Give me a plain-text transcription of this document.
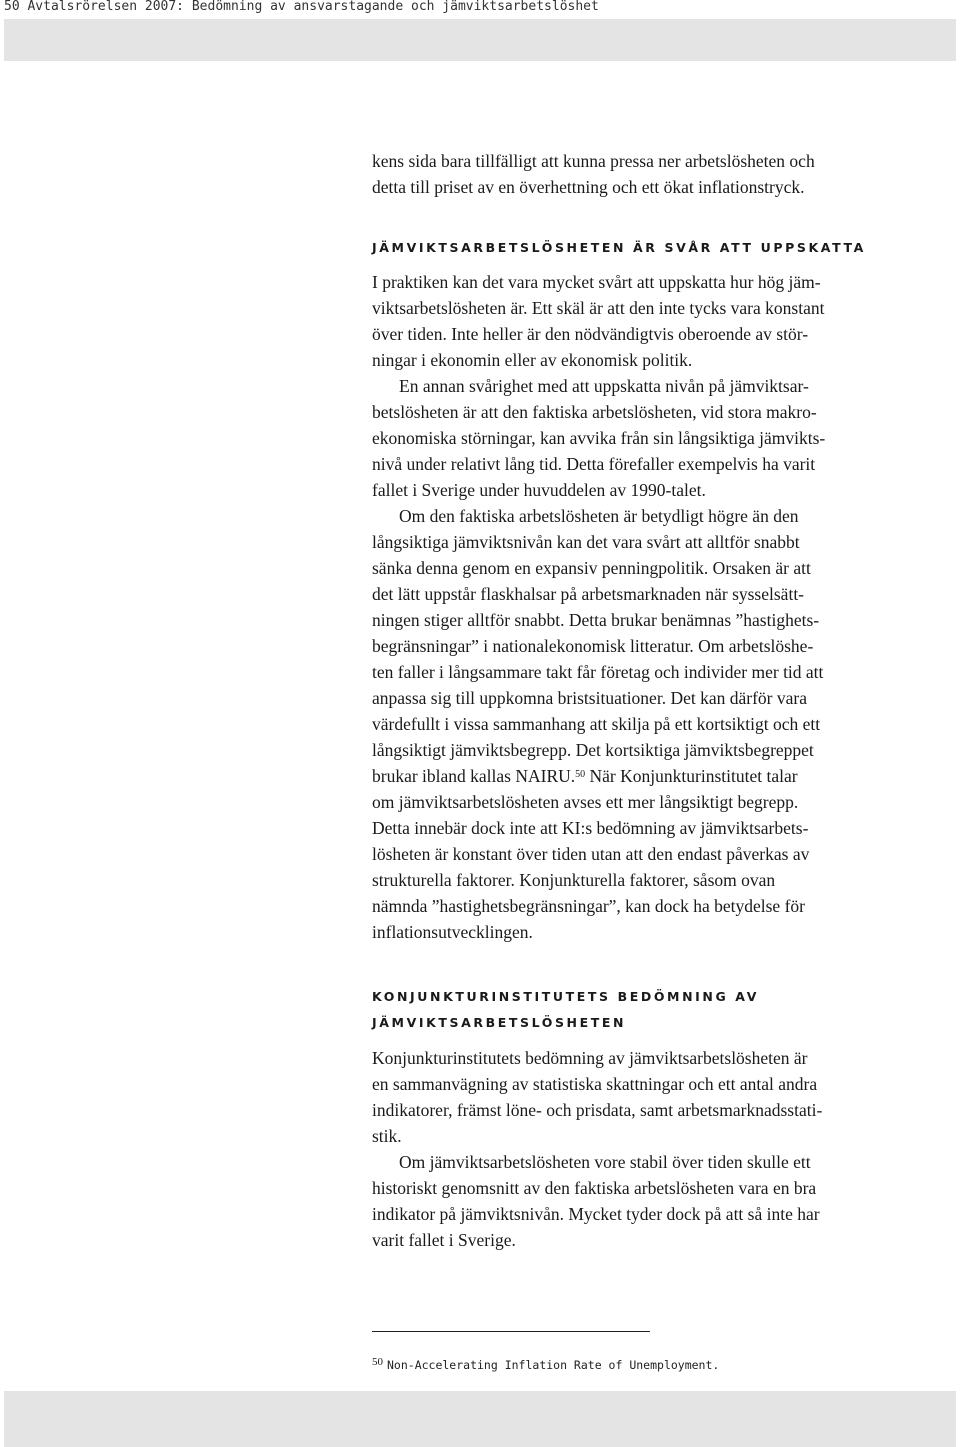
50 Avtalsrörelsen 2007: Bedömning av ansvarstagande och jämviktsarbetslöshet
kens sida bara tillfälligt att kunna pressa ner arbetslösheten och
detta till priset av en överhettning och ett ökat inflationstryck.
JÄMVIKTSARBETSLÖSHETEN ÄR SVÅR ATT UPPSKATTA
I praktiken kan det vara mycket svårt att uppskatta hur hög jäm-
viktsarbetslösheten är. Ett skäl är att den inte tycks vara konstant
över tiden. Inte heller är den nödvändigtvis oberoende av stör-
ningar i ekonomin eller av ekonomisk politik.
En annan svårighet med att uppskatta nivån på jämviktsar-
betslösheten är att den faktiska arbetslösheten, vid stora makro-
ekonomiska störningar, kan avvika från sin långsiktiga jämvikts-
nivå under relativt lång tid. Detta förefaller exempelvis ha varit
fallet i Sverige under huvuddelen av 1990-talet.
Om den faktiska arbetslösheten är betydligt högre än den
långsiktiga jämviktsnivån kan det vara svårt att alltför snabbt
sänka denna genom en expansiv penningpolitik. Orsaken är att
det lätt uppstår flaskhalsar på arbetsmarknaden när sysselsätt-
ningen stiger alltför snabbt. Detta brukar benämnas ”hastighets-
begränsningar” i nationalekonomisk litteratur. Om arbetslöshe-
ten faller i långsammare takt får företag och individer mer tid att
anpassa sig till uppkomna bristsituationer. Det kan därför vara
värdefullt i vissa sammanhang att skilja på ett kortsiktigt och ett
långsiktigt jämviktsbegrepp. Det kortsiktiga jämviktsbegreppet
brukar ibland kallas NAIRU.$^{50}$ När Konjunkturinstitutet talar
om jämviktsarbetslösheten avses ett mer långsiktigt begrepp.
Detta innebär dock inte att KI:s bedömning av jämviktsarbets-
lösheten är konstant över tiden utan att den endast påverkas av
strukturella faktorer. Konjunkturella faktorer, såsom ovan
nämnda ”hastighetsbegränsningar”, kan dock ha betydelse för
inflationsutvecklingen.
KONJUNKTURINSTITUTETS BEDÖMNING AV
JÄMVIKTSARBETSLÖSHETEN
Konjunkturinstitutets bedömning av jämviktsarbetslösheten är
en sammanvägning av statistiska skattningar och ett antal andra
indikatorer, främst löne- och prisdata, samt arbetsmarknadsstati-
stik.
Om jämviktsarbetslösheten vore stabil över tiden skulle ett
historiskt genomsnitt av den faktiska arbetslösheten vara en bra
indikator på jämviktsnivån. Mycket tyder dock på att så inte har
varit fallet i Sverige.
$^{50}$ Non-Accelerating Inflation Rate of Unemployment.
